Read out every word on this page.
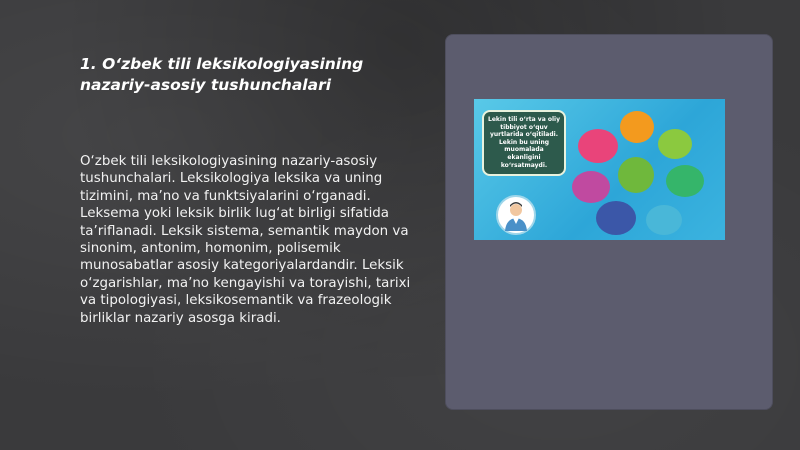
1. O‘zbek tili leksikologiyasining
nazariy-asosiy tushunchalari

O‘zbek tili leksikologiyasining nazariy-asosiy tushunchalari. Leksikologiya leksika va uning tizimini, ma’no va funktsiyalarini o‘rganadi. Leksema yoki leksik birlik lug‘at birligi sifatida ta’riflanadi. Leksik sistema, semantik maydon va sinonim, antonim, homonim, polisemik munosabatlar asosiy kategoriyalardandir. Leksik o‘zgarishlar, ma’no kengayishi va torayishi, tarixi va tipologiyasi, leksikosemantik va frazeologik birliklar nazariy asosga kiradi.

Lekin tili o‘rta va oliy tibbiyot o‘quv yurtlarida o‘qitiladi. Lekin bu uning muomalada ekanligini ko‘rsatmaydi.
